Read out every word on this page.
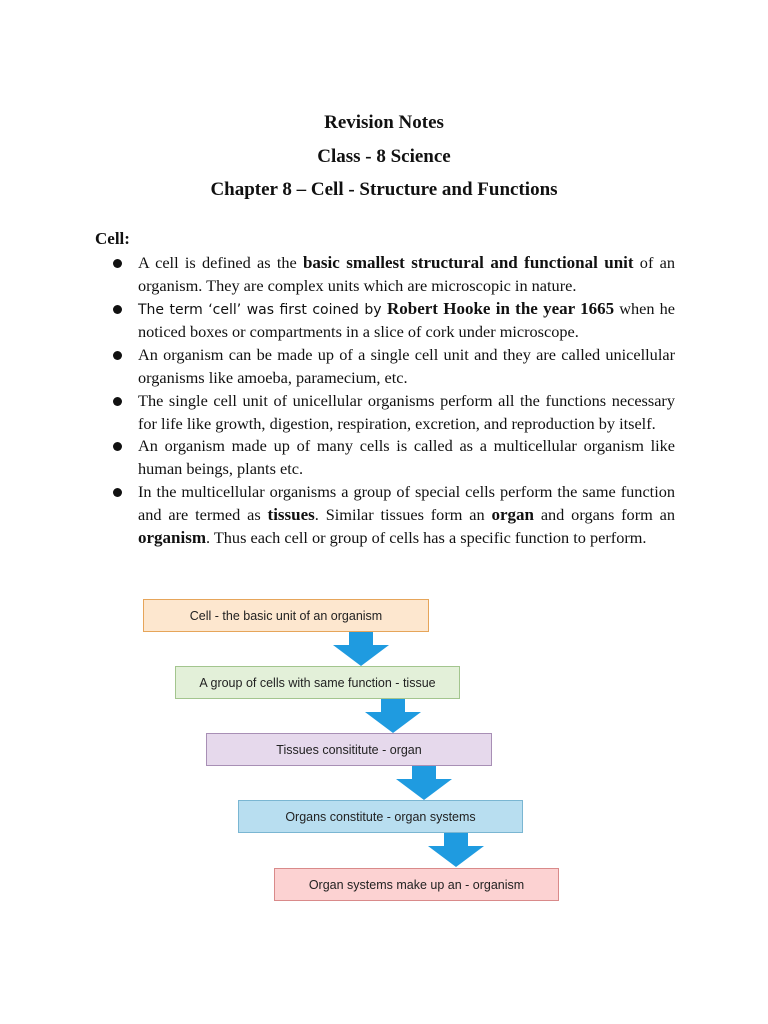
Revision Notes

Class - 8 Science

Chapter 8 – Cell - Structure and Functions

Cell:

A cell is defined as the basic smallest structural and functional unit of an organism. They are complex units which are microscopic in nature.
The term ‘cell’ was first coined by Robert Hooke in the year 1665 when he noticed boxes or compartments in a slice of cork under microscope.
An organism can be made up of a single cell unit and they are called unicellular organisms like amoeba, paramecium, etc.
The single cell unit of unicellular organisms perform all the functions necessary for life like growth, digestion, respiration, excretion, and reproduction by itself.
An organism made up of many cells is called as a multicellular organism like human beings, plants etc.
In the multicellular organisms a group of special cells perform the same function and are termed as tissues. Similar tissues form an organ and organs form an organism. Thus each cell or group of cells has a specific function to perform.
Cell - the basic unit of an organism
A group of cells with same function - tissue
Tissues consititute - organ
Organs constitute - organ systems
Organ systems make up an - organism
